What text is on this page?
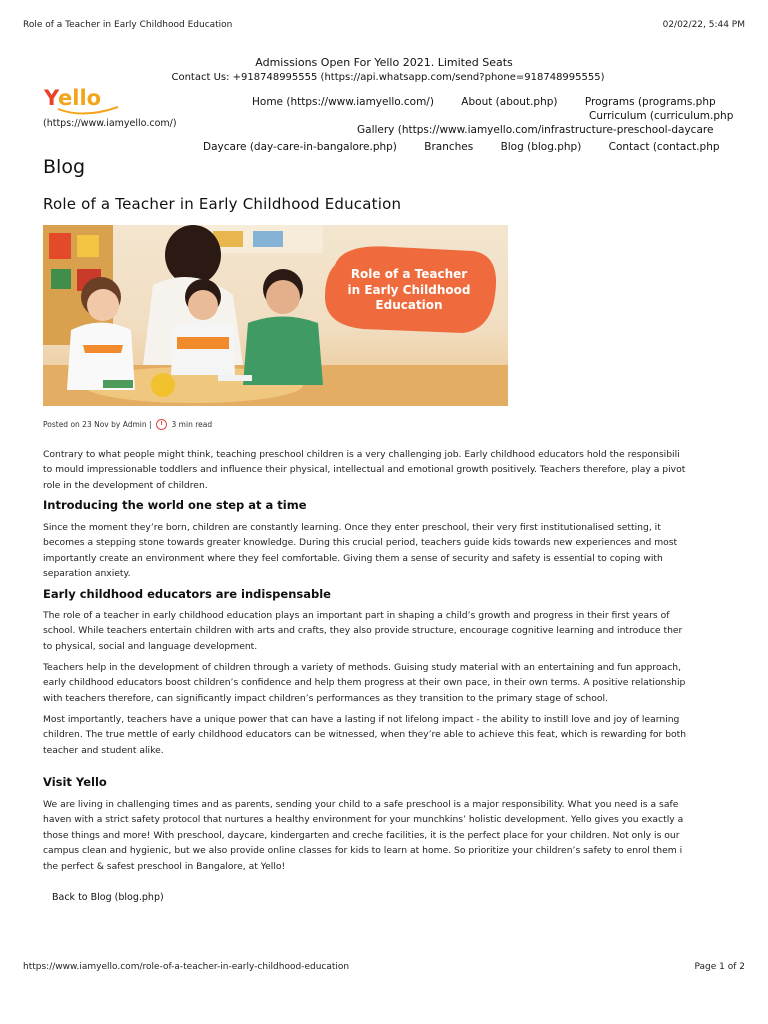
Role of a Teacher in Early Childhood Education	02/02/22, 5:44 PM
Admissions Open For Yello 2021. Limited Seats
Contact Us: +918748995555 (https://api.whatsapp.com/send?phone=918748995555)
Y
ello
(https://www.iamyello.com/)
Home (https://www.iamyello.com/)	About (about.php)	Programs (programs.php
Curriculum (curriculum.php
Gallery (https://www.iamyello.com/infrastructure-preschool-daycare
Daycare (day-care-in-bangalore.php)	Branches	Blog (blog.php)	Contact (contact.php
Blog
Role of a Teacher in Early Childhood Education
Role of a Teacher
in Early Childhood
Education
Posted on 23 Nov by Admin |	3 min read
Contrary to what people might think, teaching preschool children is a very challenging job. Early childhood educators hold the responsibili
to mould impressionable toddlers and influence their physical, intellectual and emotional growth positively. Teachers therefore, play a pivot
role in the development of children.
Introducing the world one step at a time
Since the moment they’re born, children are constantly learning. Once they enter preschool, their very first institutionalised setting, it
becomes a stepping stone towards greater knowledge. During this crucial period, teachers guide kids towards new experiences and most
importantly create an environment where they feel comfortable. Giving them a sense of security and safety is essential to coping with
separation anxiety.
Early childhood educators are indispensable
The role of a teacher in early childhood education plays an important part in shaping a child’s growth and progress in their first years of
school. While teachers entertain children with arts and crafts, they also provide structure, encourage cognitive learning and introduce ther
to physical, social and language development.
Teachers help in the development of children through a variety of methods. Guising study material with an entertaining and fun approach,
early childhood educators boost children’s confidence and help them progress at their own pace, in their own terms. A positive relationship
with teachers therefore, can significantly impact children’s performances as they transition to the primary stage of school.
Most importantly, teachers have a unique power that can have a lasting if not lifelong impact - the ability to instill love and joy of learning
children. The true mettle of early childhood educators can be witnessed, when they’re able to achieve this feat, which is rewarding for both
teacher and student alike.
Visit Yello
We are living in challenging times and as parents, sending your child to a safe preschool is a major responsibility. What you need is a safe
haven with a strict safety protocol that nurtures a healthy environment for your munchkins’ holistic development. Yello gives you exactly a
those things and more! With preschool, daycare, kindergarten and creche facilities, it is the perfect place for your children. Not only is our
campus clean and hygienic, but we also provide online classes for kids to learn at home. So prioritize your children’s safety to enrol them i
the perfect & safest preschool in Bangalore, at Yello!
Back to Blog (blog.php)
https://www.iamyello.com/role-of-a-teacher-in-early-childhood-education	Page 1 of 2
